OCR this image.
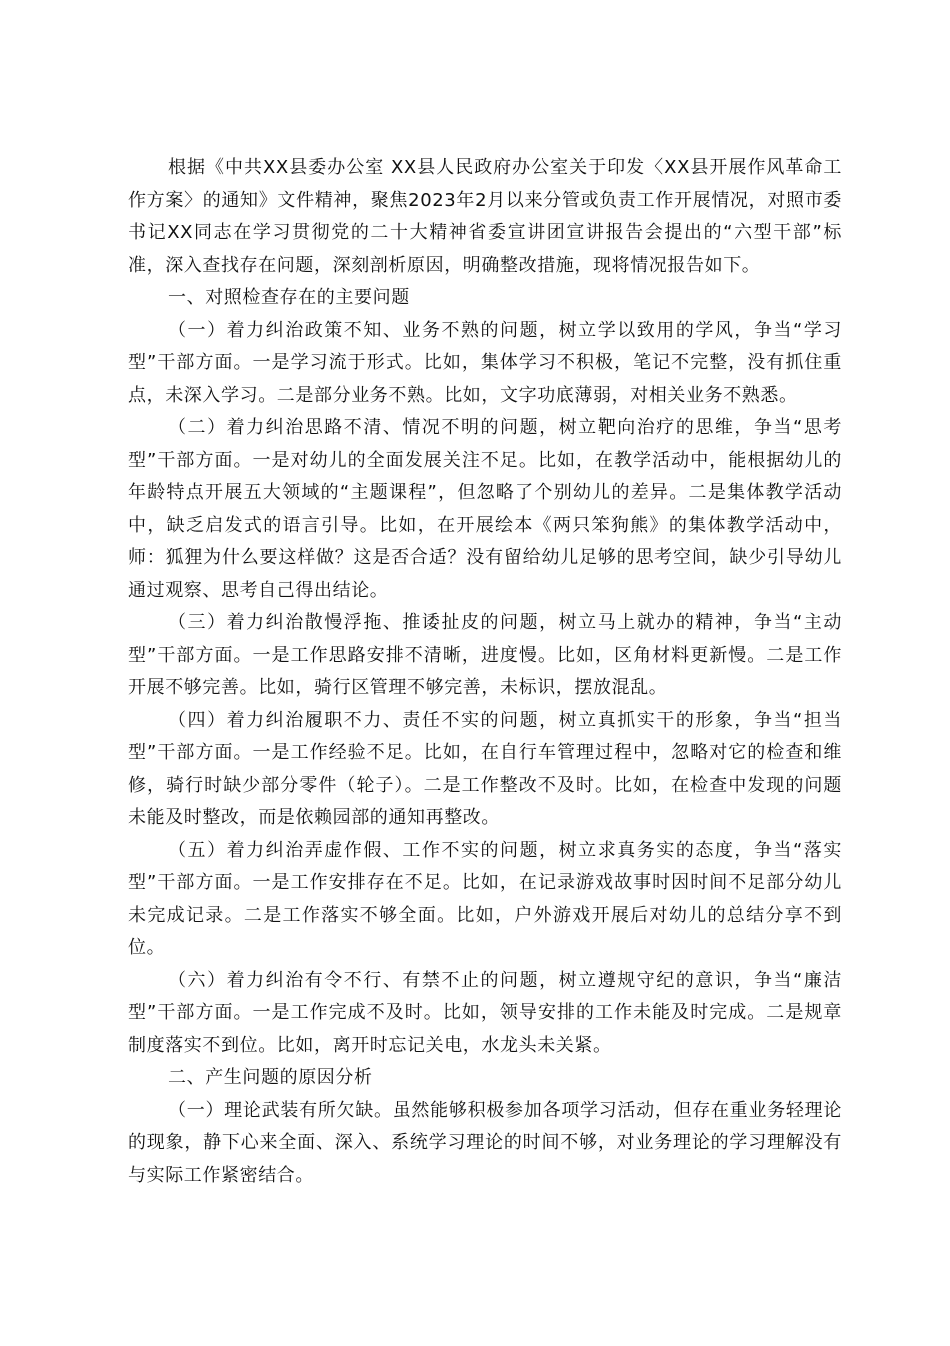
根据《中共XX县委办公室 XX县人民政府办公室关于印发〈XX县开展作风革命工作方案〉的通知》文件精神，聚焦2023年2月以来分管或负责工作开展情况，对照市委书记XX同志在学习贯彻党的二十大精神省委宣讲团宣讲报告会提出的“六型干部”标准，深入查找存在问题，深刻剖析原因，明确整改措施，现将情况报告如下。

一、对照检查存在的主要问题

（一）着力纠治政策不知、业务不熟的问题，树立学以致用的学风，争当“学习型”干部方面。一是学习流于形式。比如，集体学习不积极，笔记不完整，没有抓住重点，未深入学习。二是部分业务不熟。比如，文字功底薄弱，对相关业务不熟悉。

（二）着力纠治思路不清、情况不明的问题，树立靶向治疗的思维，争当“思考型”干部方面。一是对幼儿的全面发展关注不足。比如，在教学活动中，能根据幼儿的年龄特点开展五大领域的“主题课程”，但忽略了个别幼儿的差异。二是集体教学活动中，缺乏启发式的语言引导。比如，在开展绘本《两只笨狗熊》的集体教学活动中，师：狐狸为什么要这样做？这是否合适？没有留给幼儿足够的思考空间，缺少引导幼儿通过观察、思考自己得出结论。

（三）着力纠治散慢浮拖、推诿扯皮的问题，树立马上就办的精神，争当“主动型”干部方面。一是工作思路安排不清晰，进度慢。比如，区角材料更新慢。二是工作开展不够完善。比如，骑行区管理不够完善，未标识，摆放混乱。

（四）着力纠治履职不力、责任不实的问题，树立真抓实干的形象，争当“担当型”干部方面。一是工作经验不足。比如，在自行车管理过程中，忽略对它的检查和维修，骑行时缺少部分零件（轮子）。二是工作整改不及时。比如，在检查中发现的问题未能及时整改，而是依赖园部的通知再整改。

（五）着力纠治弄虚作假、工作不实的问题，树立求真务实的态度，争当“落实型”干部方面。一是工作安排存在不足。比如，在记录游戏故事时因时间不足部分幼儿未完成记录。二是工作落实不够全面。比如，户外游戏开展后对幼儿的总结分享不到位。

（六）着力纠治有令不行、有禁不止的问题，树立遵规守纪的意识，争当“廉洁型”干部方面。一是工作完成不及时。比如，领导安排的工作未能及时完成。二是规章制度落实不到位。比如，离开时忘记关电，水龙头未关紧。

二、产生问题的原因分析

（一）理论武装有所欠缺。虽然能够积极参加各项学习活动，但存在重业务轻理论的现象，静下心来全面、深入、系统学习理论的时间不够，对业务理论的学习理解没有与实际工作紧密结合。
